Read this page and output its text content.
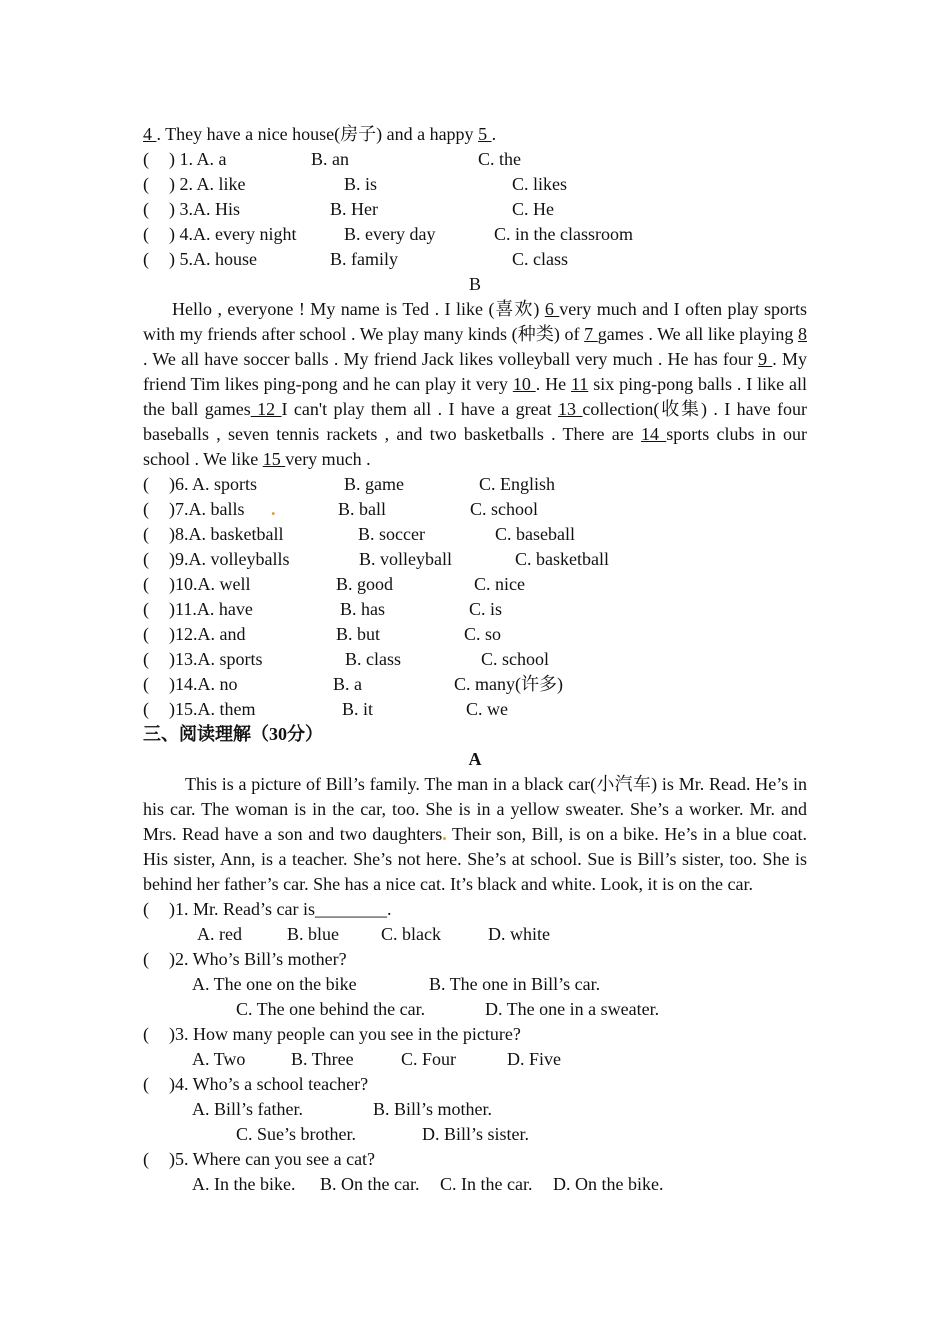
4 . They have a nice house(房子) and a happy 5 .
( ) 1. A. a	B. an	C. the
( ) 2. A. like	B. is	C. likes
( ) 3.A. His	B. Her	C. He
( ) 4.A. every night	B. every day	C. in the classroom
( ) 5.A. house	B. family	C. class
B

Hello , everyone ! My name is Ted . I like (喜欢) 6 very much and I often play sports with my friends after school . We play many kinds (种类) of 7 games . We all like playing 8 . We all have soccer balls . My friend Jack likes volleyball very much . He has four 9 . My friend Tim likes ping-pong and he can play it very 10 . He 11 six ping-pong balls . I like all the ball games 12 I can't play them all . I have a great 13 collection(收集) . I have four baseballs , seven tennis rackets , and two basketballs . There are 14 sports clubs in our school . We like 15 very much .

( )6. A. sports	B. game	C. English
( )7.A. balls .	B. ball	C. school
( )8.A. basketball	B. soccer	C. baseball
( )9.A. volleyballs	B. volleyball	C. basketball
( )10.A. well	B. good	C. nice
( )11.A. have	B. has	C. is
( )12.A. and	B. but	C. so
( )13.A. sports	B. class	C. school
( )14.A. no	B. a	C. many(许多)
( )15.A. them	B. it	C. we
三、阅读理解（30分）
A

This is a picture of Bill’s family. The man in a black car(小汽车) is Mr. Read. He’s in his car. The woman is in the car, too. She is in a yellow sweater. She’s a worker. Mr. and Mrs. Read have a son and two daughters. Their son, Bill, is on a bike. He’s in a blue coat. His sister, Ann, is a teacher. She’s not here. She’s at school. Sue is Bill’s sister, too. She is behind her father’s car. She has a nice cat. It’s black and white. Look, it is on the car.

( )1. Mr. Read’s car is________.
A. red	B. blue C. black	D. white
( )2. Who’s Bill’s mother?
A. The one on the bike	B. The one in Bill’s car.
C. The one behind the car.	D. The one in a sweater.
( )3. How many people can you see in the picture?
A. Two	B. Three	C. Four	D. Five
( )4. Who’s a school teacher?
A. Bill’s father.	B. Bill’s mother.
C. Sue’s brother.	D. Bill’s sister.
( )5. Where can you see a cat?
A. In the bike. B. On the car. C. In the car. D. On the bike.
